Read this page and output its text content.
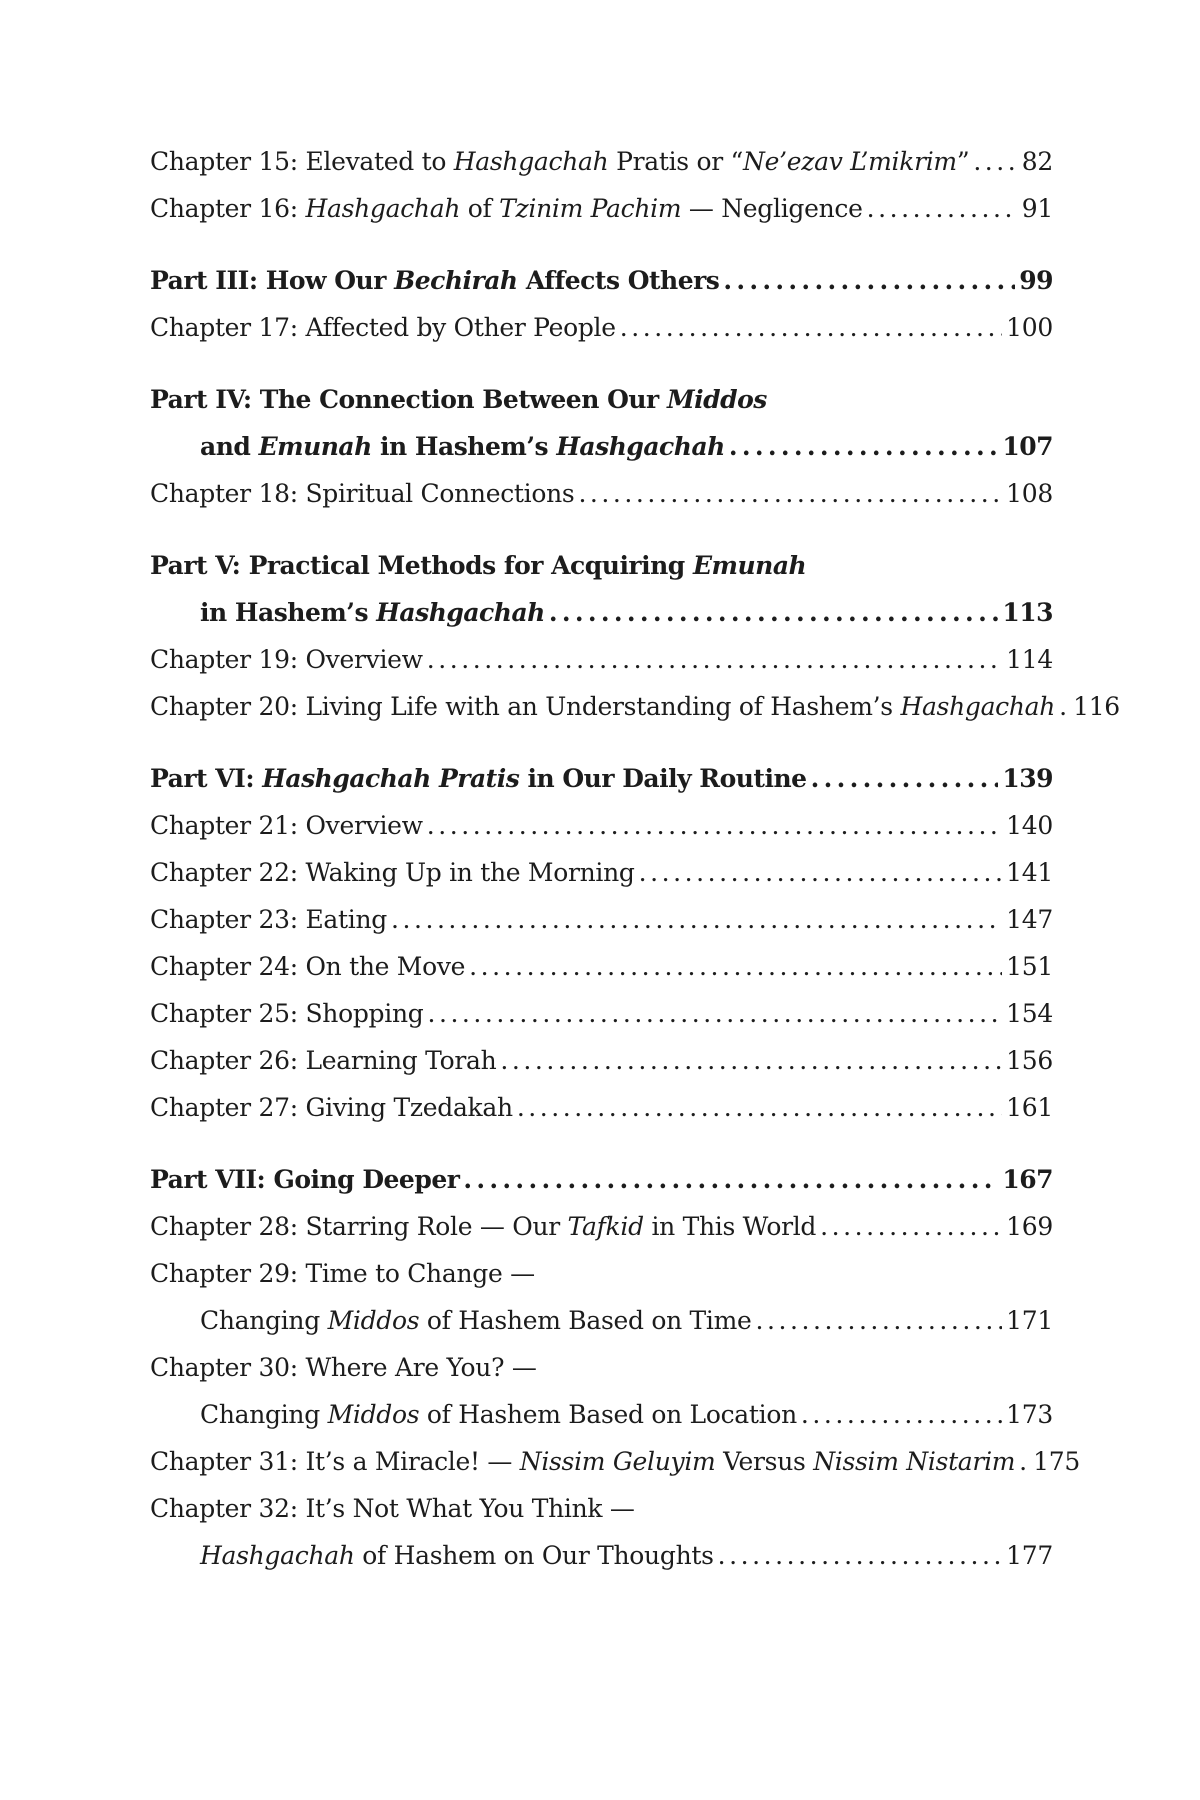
Chapter 15: Elevated to Hashgachah Pratis or “Ne’ezav L’mikrim” . . . 82
Chapter 16: Hashgachah of Tzinim Pachim — Negligence . . .	91
Part III: How Our Bechirah Affects Others . . .	99
Chapter 17: Affected by Other People . . .	100
Part IV: The Connection Between Our Middos
and Emunah in Hashem’s Hashgachah . . .	107
Chapter 18: Spiritual Connections . . .	108
Part V: Practical Methods for Acquiring Emunah
in Hashem’s Hashgachah . . .	113
Chapter 19: Overview . . .	114
Chapter 20: Living Life with an Understanding of Hashem’s Hashgachah . . . 116
Part VI: Hashgachah Pratis in Our Daily Routine . . .	139
Chapter 21: Overview . . .	140
Chapter 22: Waking Up in the Morning . . .	141
Chapter 23: Eating . . .	147
Chapter 24: On the Move . . .	151
Chapter 25: Shopping . . .	154
Chapter 26: Learning Torah . . .	156
Chapter 27: Giving Tzedakah . . .	161
Part VII: Going Deeper . . .	167
Chapter 28: Starring Role — Our Tafkid in This World . . .	169
Chapter 29: Time to Change —
Changing Middos of Hashem Based on Time . . .	171
Chapter 30: Where Are You? —
Changing Middos of Hashem Based on Location . . .	173
Chapter 31: It’s a Miracle! — Nissim Geluyim Versus Nissim Nistarim . . . 175
Chapter 32: It’s Not What You Think —
Hashgachah of Hashem on Our Thoughts . . .	177
